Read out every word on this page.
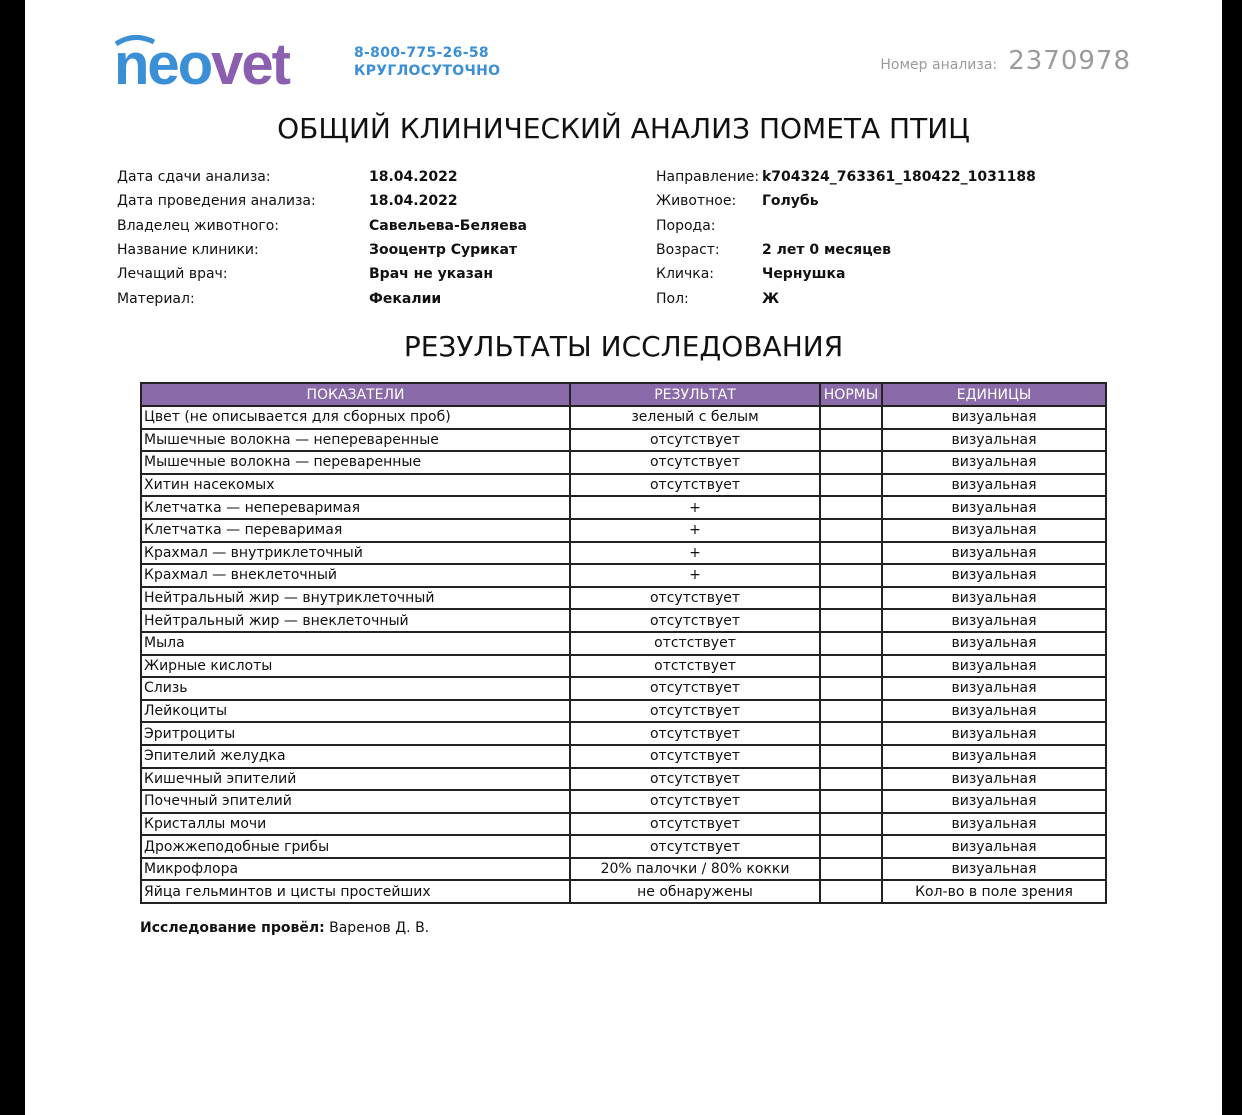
neovet	8-800-775-26-58
КРУГЛОСУТОЧНО	Номер анализа: 2370978
ОБЩИЙ КЛИНИЧЕСКИЙ АНАЛИЗ ПОМЕТА ПТИЦ
Дата сдачи анализа:	18.04.2022
Дата проведения анализа:	18.04.2022
Владелец животного:	Савельева-Беляева
Название клиники:	Зооцентр Сурикат
Лечащий врач:	Врач не указан
Материал:	Фекалии
Направление: k704324_763361_180422_1031188
Животное:	Голубь
Порода:
Возраст:	2 лет 0 месяцев
Кличка:	Чернушка
Пол:	Ж
РЕЗУЛЬТАТЫ ИССЛЕДОВАНИЯ
ПОКАЗАТЕЛИ	РЕЗУЛЬТАТ	НОРМЫ	ЕДИНИЦЫ
Цвет (не описывается для сборных проб)	зеленый с белым		визуальная
Мышечные волокна — непереваренные	отсутствует		визуальная
Мышечные волокна — переваренные	отсутствует		визуальная
Хитин насекомых	отсутствует		визуальная
Клетчатка — непереваримая	+		визуальная
Клетчатка — переваримая	+		визуальная
Крахмал — внутриклеточный	+		визуальная
Крахмал — внеклеточный	+		визуальная
Нейтральный жир — внутриклеточный	отсутствует		визуальная
Нейтральный жир — внеклеточный	отсутствует		визуальная
Мыла	отстствует		визуальная
Жирные кислоты	отстствует		визуальная
Слизь	отсутствует		визуальная
Лейкоциты	отсутствует		визуальная
Эритроциты	отсутствует		визуальная
Эпителий желудка	отсутствует		визуальная
Кишечный эпителий	отсутствует		визуальная
Почечный эпителий	отсутствует		визуальная
Кристаллы мочи	отсутствует		визуальная
Дрожжеподобные грибы	отсутствует		визуальная
Микрофлора	20% палочки / 80% кокки		визуальная
Яйца гельминтов и цисты простейших	не обнаружены		Кол-во в поле зрения
Исследование провёл: Варенов Д. В.
